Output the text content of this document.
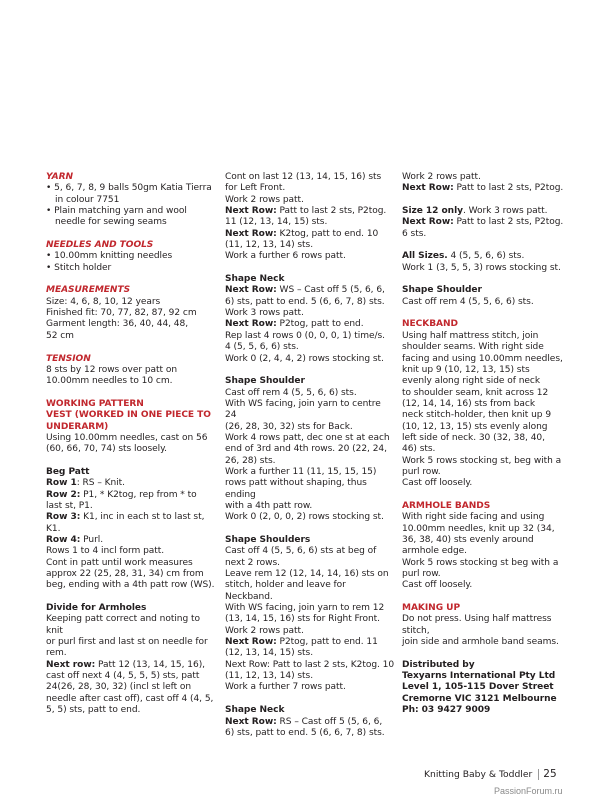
YARN

• 5, 6, 7, 8, 9 balls 50gm Katia Tierra in colour 7751

• Plain matching yarn and wool needle for sewing seams

NEEDLES AND TOOLS

• 10.00mm knitting needles

• Stitch holder

MEASUREMENTS

Size: 4, 6, 8, 10, 12 years

Finished fit: 70, 77, 82, 87, 92 cm

Garment length: 36, 40, 44, 48,

52 cm

TENSION

8 sts by 12 rows over patt on

10.00mm needles to 10 cm.

WORKING PATTERN

VEST (WORKED IN ONE PIECE TO

UNDERARM)

Using 10.00mm needles, cast on 56

(60, 66, 70, 74) sts loosely.

Beg Patt

Row 1: RS – Knit.

Row 2: P1, * K2tog, rep from * to

last st, P1.

Row 3: K1, inc in each st to last st,

K1.

Row 4: Purl.

Rows 1 to 4 incl form patt.

Cont in patt until work measures

approx 22 (25, 28, 31, 34) cm from

beg, ending with a 4th patt row (WS).

Divide for Armholes

Keeping patt correct and noting to knit

or purl first and last st on needle for

rem.

Next row: Patt 12 (13, 14, 15, 16),

cast off next 4 (4, 5, 5, 5) sts, patt

24(26, 28, 30, 32) (incl st left on

needle after cast off), cast off 4 (4, 5,

5, 5) sts, patt to end.

Cont on last 12 (13, 14, 15, 16) sts

for Left Front.

Work 2 rows patt.

Next Row: Patt to last 2 sts, P2tog.

11 (12, 13, 14, 15) sts.

Next Row: K2tog, patt to end. 10

(11, 12, 13, 14) sts.

Work a further 6 rows patt.

Shape Neck

Next Row: WS – Cast off 5 (5, 6, 6,

6) sts, patt to end. 5 (6, 6, 7, 8) sts.

Work 3 rows patt.

Next Row: P2tog, patt to end.

Rep last 4 rows 0 (0, 0, 0, 1) time/s.

4 (5, 5, 6, 6) sts.

Work 0 (2, 4, 4, 2) rows stocking st.

Shape Shoulder

Cast off rem 4 (5, 5, 6, 6) sts.

With WS facing, join yarn to centre 24

(26, 28, 30, 32) sts for Back.

Work 4 rows patt, dec one st at each

end of 3rd and 4th rows. 20 (22, 24,

26, 28) sts.

Work a further 11 (11, 15, 15, 15)

rows patt without shaping, thus ending

with a 4th patt row.

Work 0 (2, 0, 0, 2) rows stocking st.

Shape Shoulders

Cast off 4 (5, 5, 6, 6) sts at beg of

next 2 rows.

Leave rem 12 (12, 14, 14, 16) sts on

stitch, holder and leave for Neckband.

With WS facing, join yarn to rem 12

(13, 14, 15, 16) sts for Right Front.

Work 2 rows patt.

Next Row: P2tog, patt to end. 11

(12, 13, 14, 15) sts.

Next Row: Patt to last 2 sts, K2tog. 10

(11, 12, 13, 14) sts.

Work a further 7 rows patt.

Shape Neck

Next Row: RS – Cast off 5 (5, 6, 6,

6) sts, patt to end. 5 (6, 6, 7, 8) sts.

Work 2 rows patt.

Next Row: Patt to last 2 sts, P2tog.

Size 12 only. Work 3 rows patt.

Next Row: Patt to last 2 sts, P2tog.

6 sts.

All Sizes. 4 (5, 5, 6, 6) sts.

Work 1 (3, 5, 5, 3) rows stocking st.

Shape Shoulder

Cast off rem 4 (5, 5, 6, 6) sts.

NECKBAND

Using half mattress stitch, join

shoulder seams. With right side

facing and using 10.00mm needles,

knit up 9 (10, 12, 13, 15) sts

evenly along right side of neck

to shoulder seam, knit across 12

(12, 14, 14, 16) sts from back

neck stitch-holder, then knit up 9

(10, 12, 13, 15) sts evenly along

left side of neck. 30 (32, 38, 40,

46) sts.

Work 5 rows stocking st, beg with a

purl row.

Cast off loosely.

ARMHOLE BANDS

With right side facing and using

10.00mm needles, knit up 32 (34,

36, 38, 40) sts evenly around

armhole edge.

Work 5 rows stocking st beg with a

purl row.

Cast off loosely.

MAKING UP

Do not press. Using half mattress stitch,

join side and armhole band seams.

Distributed by

Texyarns International Pty Ltd

Level 1, 105-115 Dover Street

Cremorne VIC 3121 Melbourne

Ph: 03 9427 9009

Knitting Baby & Toddler 25
PassionForum.ru
